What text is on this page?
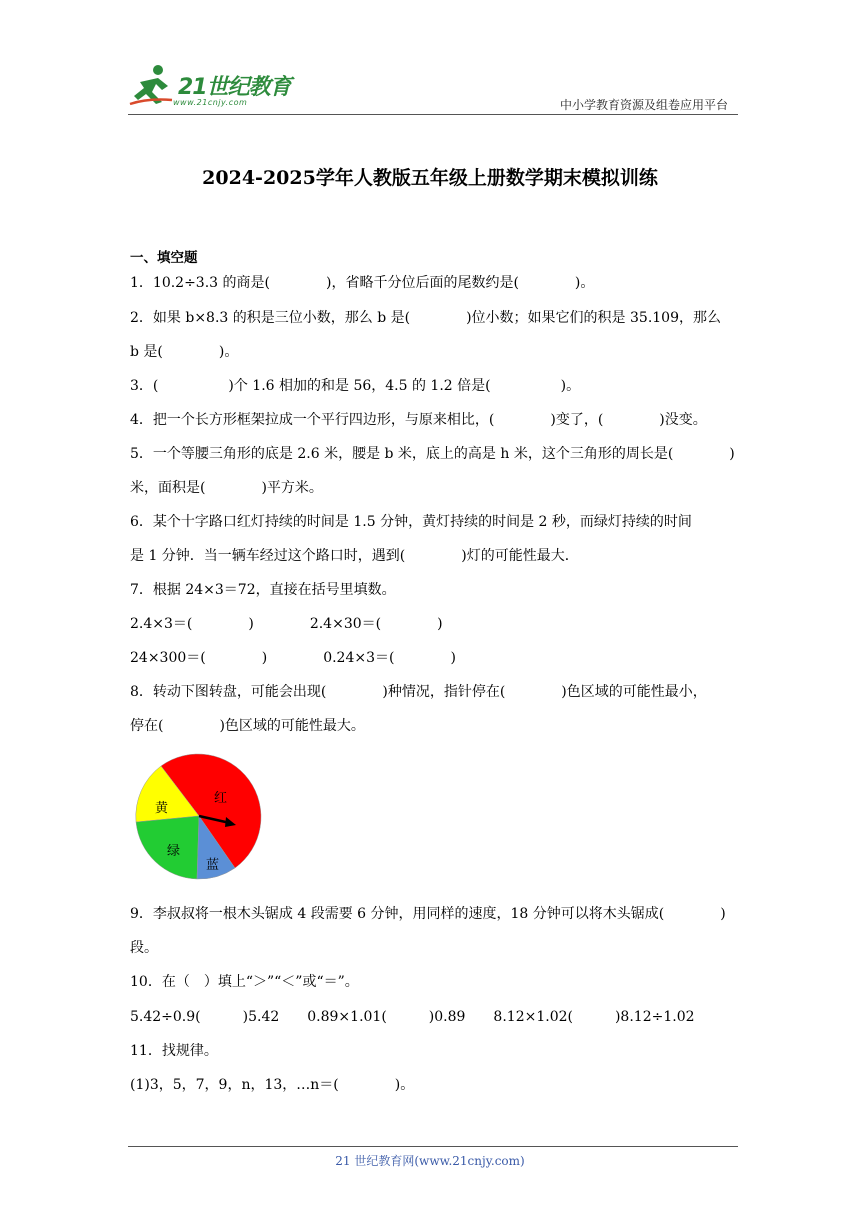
21世纪教育
www.21cnjy.com	中小学教育资源及组卷应用平台
2024-2025学年人教版五年级上册数学期末模拟训练
一、填空题
1．10.2÷3.3 的商是(　　　　)，省略千分位后面的尾数约是(　　　　)。
2．如果 b×8.3 的积是三位小数，那么 b 是(　　　　)位小数；如果它们的积是 35.109，那么
b 是(　　　　)。
3．(　　　　　)个 1.6 相加的和是 56，4.5 的 1.2 倍是(　　　　　)。
4．把一个长方形框架拉成一个平行四边形，与原来相比，(　　　　)变了，(　　　　)没变。
5．一个等腰三角形的底是 2.6 米，腰是 b 米，底上的高是 h 米，这个三角形的周长是(　　　　)
米，面积是(　　　　)平方米。
6．某个十字路口红灯持续的时间是 1.5 分钟，黄灯持续的时间是 2 秒，而绿灯持续的时间
是 1 分钟．当一辆车经过这个路口时，遇到(　　　　)灯的可能性最大．
7．根据 24×3＝72，直接在括号里填数。
2.4×3＝(　　　　)　　　　2.4×30＝(　　　　)
24×300＝(　　　　)　　　　0.24×3＝(　　　　)
8．转动下图转盘，可能会出现(　　　　)种情况，指针停在(　　　　)色区域的可能性最小，
停在(　　　　)色区域的可能性最大。
9．李叔叔将一根木头锯成 4 段需要 6 分钟，用同样的速度，18 分钟可以将木头锯成(　　　　)
段。
10．在（　）填上“＞”“＜”或“＝”。
5.42÷0.9(　　　)5.42　　0.89×1.01(　　　)0.89　　8.12×1.02(　　　)8.12÷1.02
11．找规律。
(1)3，5，7，9，n，13，…n＝(　　　　)。
红
黄
绿
蓝
21 世纪教育网(www.21cnjy.com)
